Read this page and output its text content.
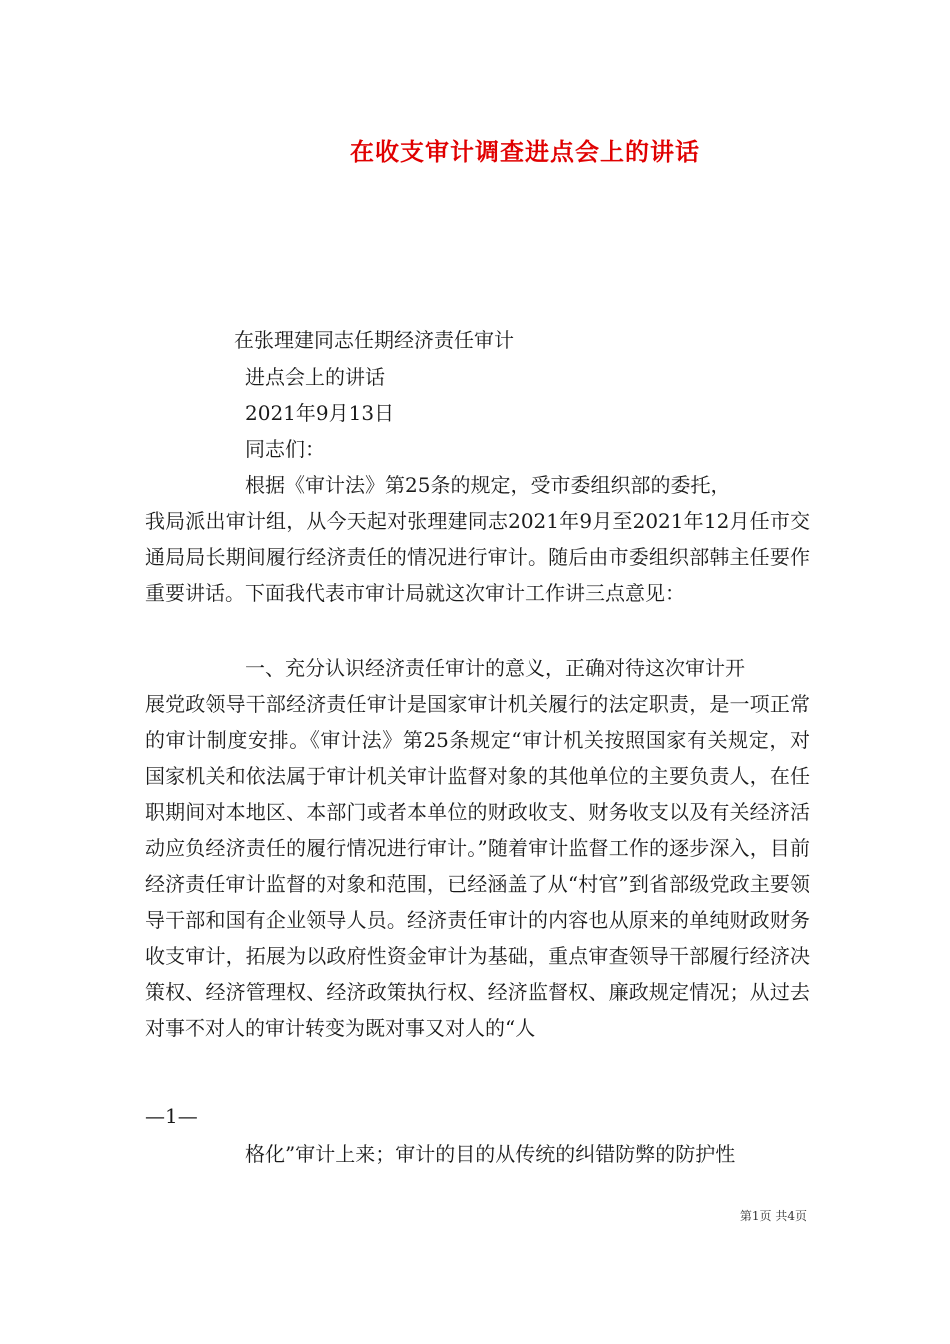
在收支审计调查进点会上的讲话
在张理建同志任期经济责任审计
进点会上的讲话
2021年9月13日
同志们：
根据《审计法》第25条的规定，受市委组织部的委托，
我局派出审计组，从今天起对张理建同志2021年9月至2021年12月任市交通局局长期间履行经济责任的情况进行审计。随后由市委组织部韩主任要作重要讲话。下面我代表市审计局就这次审计工作讲三点意见：
一、充分认识经济责任审计的意义，正确对待这次审计开
展党政领导干部经济责任审计是国家审计机关履行的法定职责，是一项正常的审计制度安排。《审计法》第25条规定“审计机关按照国家有关规定，对国家机关和依法属于审计机关审计监督对象的其他单位的主要负责人，在任职期间对本地区、本部门或者本单位的财政收支、财务收支以及有关经济活动应负经济责任的履行情况进行审计。”随着审计监督工作的逐步深入，目前经济责任审计监督的对象和范围，已经涵盖了从“村官”到省部级党政主要领导干部和国有企业领导人员。经济责任审计的内容也从原来的单纯财政财务收支审计，拓展为以政府性资金审计为基础，重点审查领导干部履行经济决策权、经济管理权、经济政策执行权、经济监督权、廉政规定情况；从过去对事不对人的审计转变为既对事又对人的“人
—1—
格化”审计上来；审计的目的从传统的纠错防弊的防护性
第1页 共4页
